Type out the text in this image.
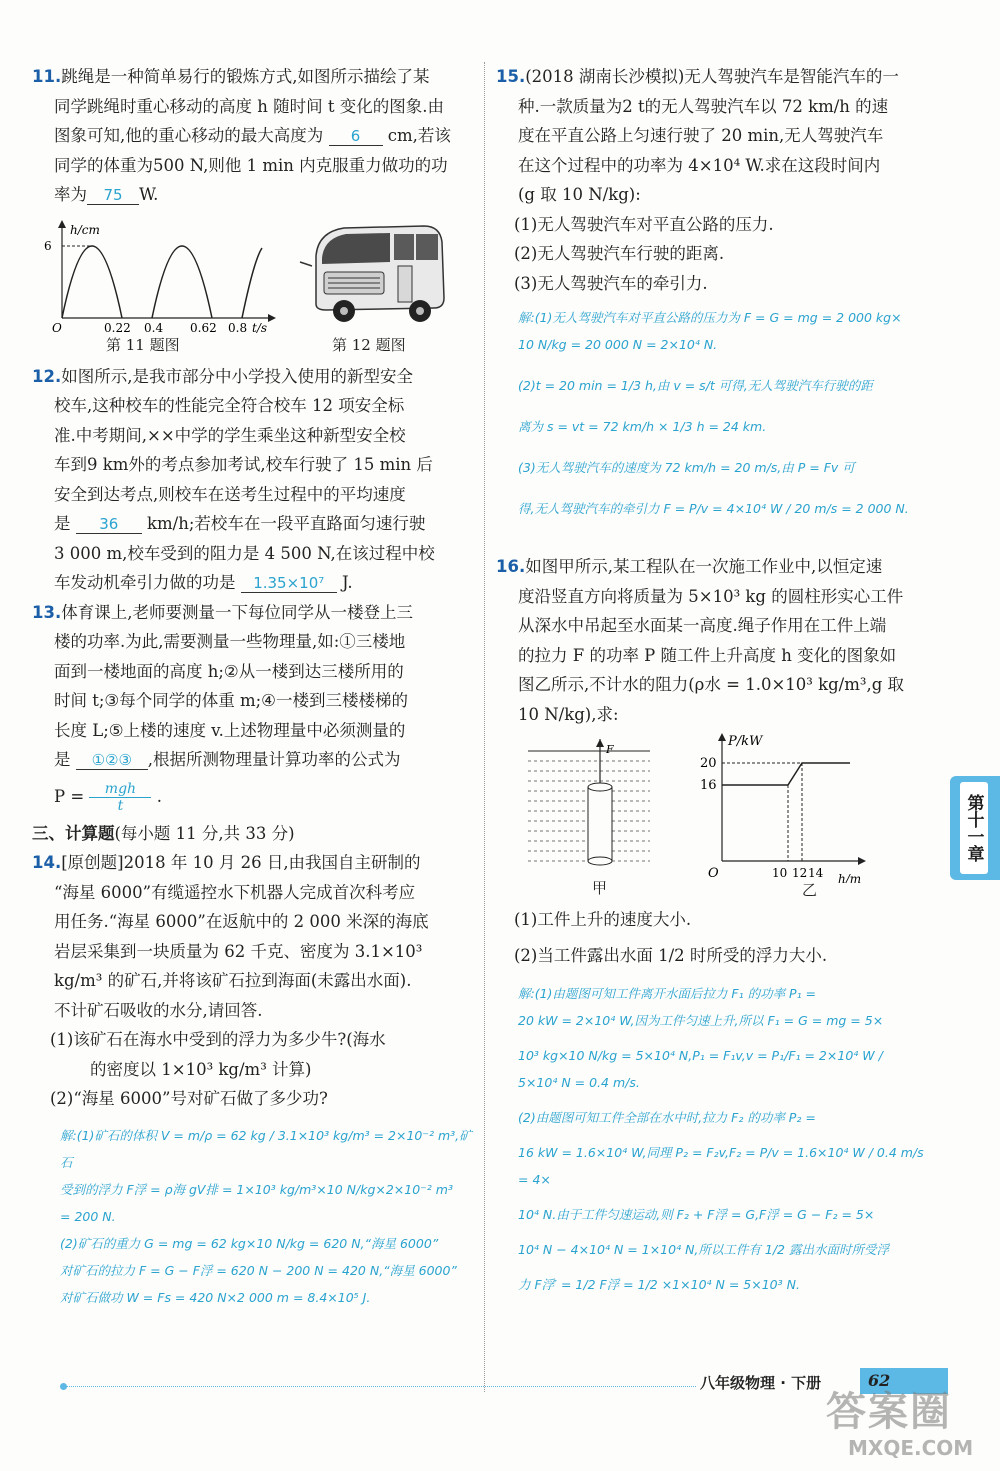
11.跳绳是一种简单易行的锻炼方式,如图所示描绘了某

同学跳绳时重心移动的高度 h 随时间 t 变化的图象.由

图象可知,他的重心移动的最大高度为 6 cm,若该

同学的体重为500 N,则他 1 min 内克服重力做功的功

率为 75 W.

h/cm
6
O	0.22 0.4 0.62 0.8 t/s
第 11 题图	第 12 题图

12.如图所示,是我市部分中小学投入使用的新型安全

校车,这种校车的性能完全符合校车 12 项安全标

准.中考期间,××中学的学生乘坐这种新型安全校

车到9 km外的考点参加考试,校车行驶了 15 min 后

安全到达考点,则校车在送考生过程中的平均速度

是 36 km/h;若校车在一段平直路面匀速行驶

3 000 m,校车受到的阻力是 4 500 N,在该过程中校

车发动机牵引力做的功是 1.35×10⁷ J.

13.体育课上,老师要测量一下每位同学从一楼登上三

楼的功率.为此,需要测量一些物理量,如:①三楼地

面到一楼地面的高度 h;②从一楼到达三楼所用的

时间 t;③每个同学的体重 m;④一楼到三楼楼梯的

长度 L;⑤上楼的速度 v.上述物理量中必须测量的

是 ①②③ ,根据所测物理量计算功率的公式为

$P = \frac{\text{mgh}}{t}$ .

三、计算题(每小题 11 分,共 33 分)

14.[原创题]2018 年 10 月 26 日,由我国自主研制的

“海星 6000”有缆遥控水下机器人完成首次科考应

用任务.“海星 6000”在返航中的 2 000 米深的海底

岩层采集到一块质量为 62 千克、密度为 3.1×10³

kg/m³ 的矿石,并将该矿石拉到海面(未露出水面).

不计矿石吸收的水分,请回答.

(1)该矿石在海水中受到的浮力为多少牛?(海水

的密度以 1×10³ kg/m³ 计算)

(2)“海星 6000”号对矿石做了多少功?

解:(1)矿石的体积 V = m/ρ = 62 kg / 3.1×10³ kg/m³ = 2×10⁻² m³,矿石

受到的浮力 F浮 = ρ海 gV排 = 1×10³ kg/m³×10 N/kg×2×10⁻² m³

= 200 N.

(2)矿石的重力 G = mg = 62 kg×10 N/kg = 620 N,“海星 6000”

对矿石的拉力 F = G − F浮 = 620 N − 200 N = 420 N,“海星 6000”

对矿石做功 W = Fs = 420 N×2 000 m = 8.4×10⁵ J.

15.(2018 湖南长沙模拟)无人驾驶汽车是智能汽车的一

种.一款质量为2 t的无人驾驶汽车以 72 km/h 的速

度在平直公路上匀速行驶了 20 min,无人驾驶汽车

在这个过程中的功率为 4×10⁴ W.求在这段时间内

(g 取 10 N/kg):

(1)无人驾驶汽车对平直公路的压力.

(2)无人驾驶汽车行驶的距离.

(3)无人驾驶汽车的牵引力.

解:(1)无人驾驶汽车对平直公路的压力为 F = G = mg = 2 000 kg×

10 N/kg = 20 000 N = 2×10⁴ N.

(2)t = 20 min = 1/3 h,由 v = s/t 可得,无人驾驶汽车行驶的距

离为 s = vt = 72 km/h × 1/3 h = 24 km.

(3)无人驾驶汽车的速度为 72 km/h = 20 m/s,由 P = Fv 可

得,无人驾驶汽车的牵引力 F = P/v = 4×10⁴ W / 20 m/s = 2 000 N.

16.如图甲所示,某工程队在一次施工作业中,以恒定速

度沿竖直方向将质量为 5×10³ kg 的圆柱形实心工件

从深水中吊起至水面某一高度.绳子作用在工件上端

的拉力 F 的功率 P 随工件上升高度 h 变化的图象如

图乙所示,不计水的阻力(ρ水 = 1.0×10³ kg/m³,g 取

10 N/kg),求:

F
甲
P/kW
20
16
O	10 12 14 h/m
乙

(1)工件上升的速度大小.

(2)当工件露出水面 1/2 时所受的浮力大小.

解:(1)由题图可知工件离开水面后拉力 F₁ 的功率 P₁ =

20 kW = 2×10⁴ W,因为工件匀速上升,所以 F₁ = G = mg = 5×

10³ kg×10 N/kg = 5×10⁴ N,P₁ = F₁v,v = P₁/F₁ = 2×10⁴ W / 5×10⁴ N = 0.4 m/s.

(2)由题图可知工件全部在水中时,拉力 F₂ 的功率 P₂ =

16 kW = 1.6×10⁴ W,同理 P₂ = F₂v,F₂ = P/v = 1.6×10⁴ W / 0.4 m/s = 4×

10⁴ N.由于工件匀速运动,则 F₂ + F浮 = G,F浮 = G − F₂ = 5×

10⁴ N − 4×10⁴ N = 1×10⁴ N,所以工件有 1/2 露出水面时所受浮

力 F浮′ = 1/2 F浮 = 1/2 ×1×10⁴ N = 5×10³ N.

第十一章
八年级物理 · 下册	62
答案圈
MXQE.COM
